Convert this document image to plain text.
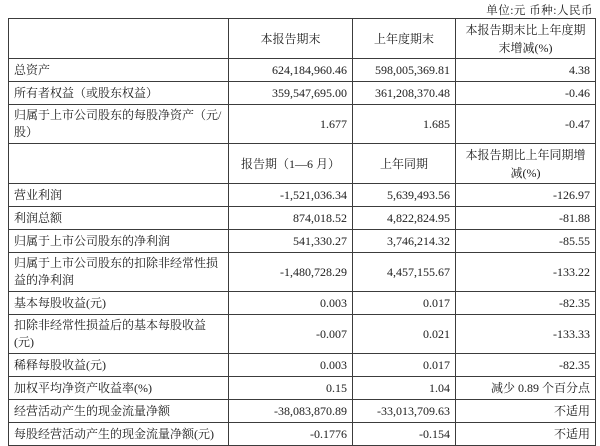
单位:元 币种:人民币
	本报告期末	上年度期末	本报告期末比上年度期末增减(%)
总资产	624,184,960.46	598,005,369.81	4.38
所有者权益（或股东权益）	359,547,695.00	361,208,370.48	-0.46
归属于上市公司股东的每股净资产（元/股）	1.677	1.685	-0.47
	报告期（1—6 月）	上年同期	本报告期比上年同期增减(%)
营业利润	-1,521,036.34	5,639,493.56	-126.97
利润总额	874,018.52	4,822,824.95	-81.88
归属于上市公司股东的净利润	541,330.27	3,746,214.32	-85.55
归属于上市公司股东的扣除非经常性损益的净利润	-1,480,728.29	4,457,155.67	-133.22
基本每股收益(元)	0.003	0.017	-82.35
扣除非经常性损益后的基本每股收益(元)	-0.007	0.021	-133.33
稀释每股收益(元)	0.003	0.017	-82.35
加权平均净资产收益率(%)	0.15	1.04	减少 0.89 个百分点
经营活动产生的现金流量净额	-38,083,870.89	-33,013,709.63	不适用
每股经营活动产生的现金流量净额(元)	-0.1776	-0.154	不适用
